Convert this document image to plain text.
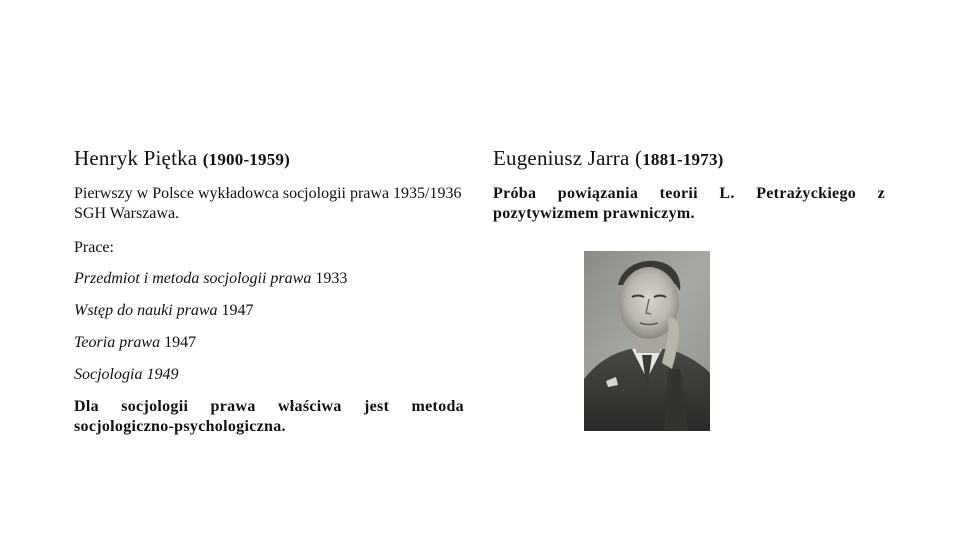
Henryk Piętka (1900-1959)
Pierwszy w Polsce wykładowca socjologii prawa 1935/1936 SGH Warszawa.
Prace:
Przedmiot i metoda socjologii prawa 1933
Wstęp do nauki prawa 1947
Teoria prawa 1947
Socjologia 1949
Dla socjologii prawa właściwa jest metoda socjologiczno-psychologiczna.
Eugeniusz Jarra (1881-1973)
Próba powiązania teorii L. Petrażyckiego z pozytywizmem prawniczym.
